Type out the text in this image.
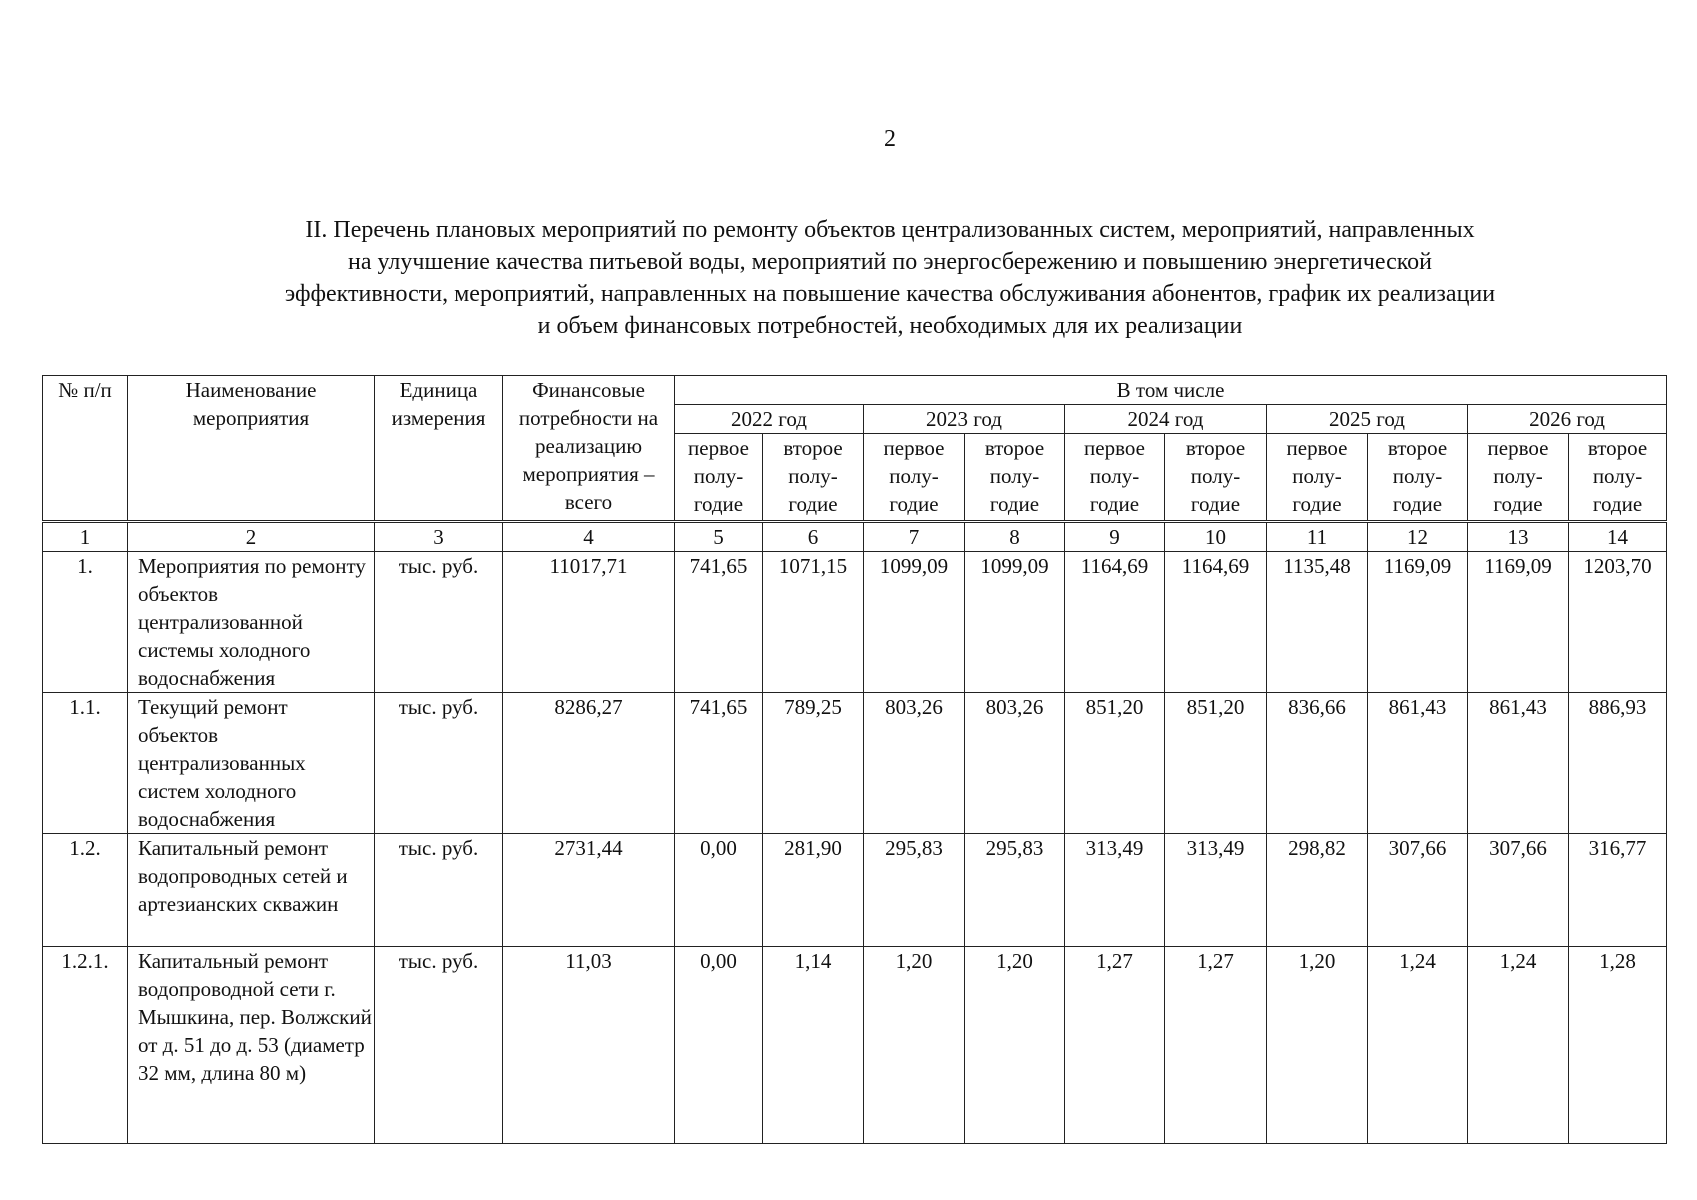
2
II. Перечень плановых мероприятий по ремонту объектов централизованных систем, мероприятий, направленных
на улучшение качества питьевой воды, мероприятий по энергосбережению и повышению энергетической
эффективности, мероприятий, направленных на повышение качества обслуживания абонентов, график их реализации
и объем финансовых потребностей, необходимых для их реализации
№ п/п	Наименование мероприятия	Единица измерения	Финансовые потребности на реализацию мероприятия – всего	В том числе									
				2022 год		2023 год		2024 год		2025 год		2026 год	
				первое полу-годие	второе полу-годие	первое полу-годие	второе полу-годие	первое полу-годие	второе полу-годие	первое полу-годие	второе полу-годие	первое полу-годие	второе полу-годие
1	2	3	4	5	6	7	8	9	10	11	12	13	14
1.	Мероприятия по ремонту объектов централизованной системы холодного водоснабжения	тыс. руб.	11017,71	741,65	1071,15	1099,09	1099,09	1164,69	1164,69	1135,48	1169,09	1169,09	1203,70
1.1.	Текущий ремонт объектов централизованных систем холодного водоснабжения	тыс. руб.	8286,27	741,65	789,25	803,26	803,26	851,20	851,20	836,66	861,43	861,43	886,93
1.2.	Капитальный ремонт водопроводных сетей и артезианских скважин	тыс. руб.	2731,44	0,00	281,90	295,83	295,83	313,49	313,49	298,82	307,66	307,66	316,77
1.2.1.	Капитальный ремонт водопроводной сети г. Мышкина, пер. Волжский от д. 51 до д. 53 (диаметр 32 мм, длина 80 м)	тыс. руб.	11,03	0,00	1,14	1,20	1,20	1,27	1,27	1,20	1,24	1,24	1,28
